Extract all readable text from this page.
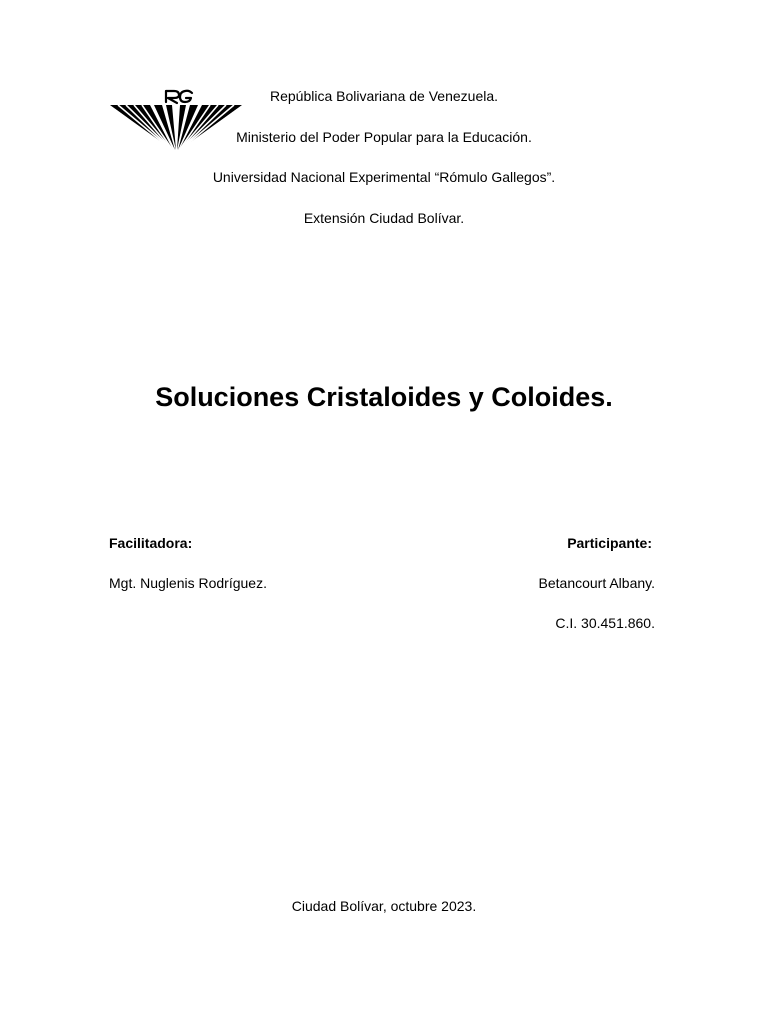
República Bolivariana de Venezuela.

Ministerio del Poder Popular para la Educación.

Universidad Nacional Experimental “Rómulo Gallegos”.

Extensión Ciudad Bolívar.

Soluciones Cristaloides y Coloides.

Facilitadora:

Mgt. Nuglenis Rodríguez.

Participante:

Betancourt Albany.

C.I. 30.451.860.

Ciudad Bolívar, octubre 2023.
